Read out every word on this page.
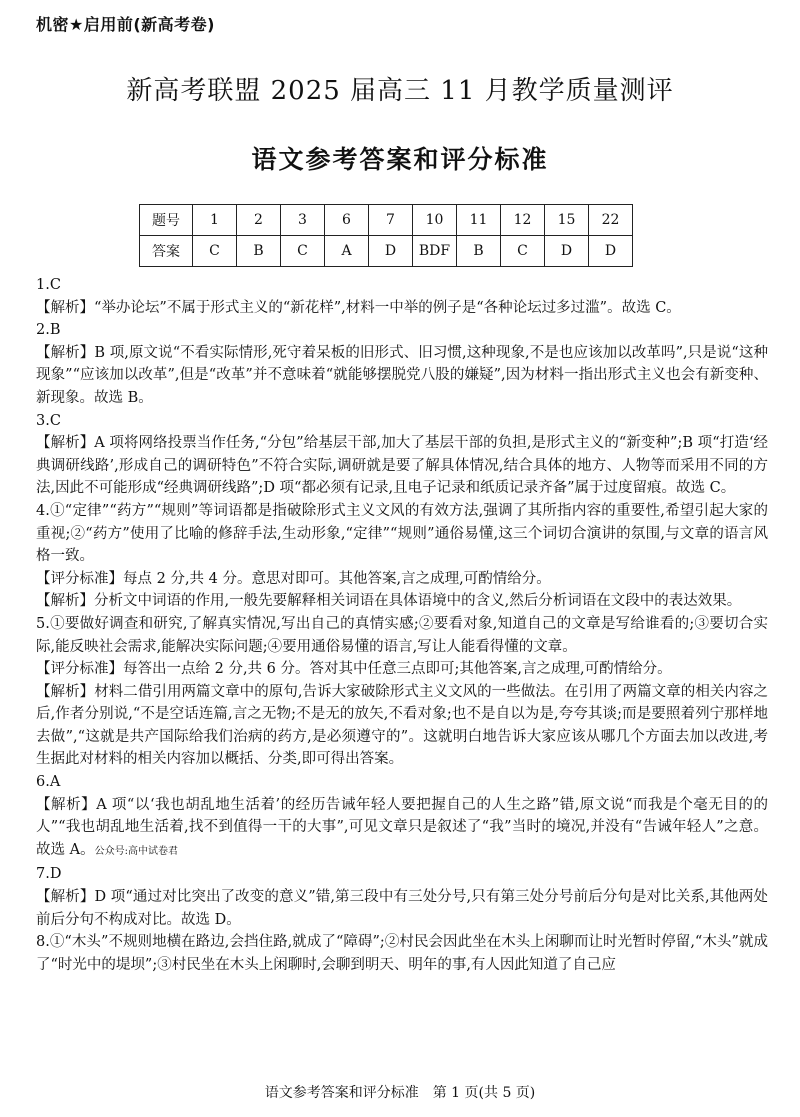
机密★启用前(新高考卷)
新高考联盟 2025 届高三 11 月教学质量测评
语文参考答案和评分标准
题号	1	2	3	6	7	10	11	12	15	22
答案	C	B	C	A	D	BDF	B	C	D	D

1.C

【解析】“举办论坛”不属于形式主义的“新花样”,材料一中举的例子是“各种论坛过多过滥”。故选 C。

2.B

【解析】B 项,原文说“不看实际情形,死守着呆板的旧形式、旧习惯,这种现象,不是也应该加以改革吗”,只是说“这种现象”“应该加以改革”,但是“改革”并不意味着“就能够摆脱党八股的嫌疑”,因为材料一指出形式主义也会有新变种、新现象。故选 B。

3.C

【解析】A 项将网络投票当作任务,“分包”给基层干部,加大了基层干部的负担,是形式主义的“新变种”;B 项“打造‘经典调研线路’,形成自己的调研特色”不符合实际,调研就是要了解具体情况,结合具体的地方、人物等而采用不同的方法,因此不可能形成“经典调研线路”;D 项“都必须有记录,且电子记录和纸质记录齐备”属于过度留痕。故选 C。

4.①“定律”“药方”“规则”等词语都是指破除形式主义文风的有效方法,强调了其所指内容的重要性,希望引起大家的重视;②“药方”使用了比喻的修辞手法,生动形象,“定律”“规则”通俗易懂,这三个词切合演讲的氛围,与文章的语言风格一致。

【评分标准】每点 2 分,共 4 分。意思对即可。其他答案,言之成理,可酌情给分。

【解析】分析文中词语的作用,一般先要解释相关词语在具体语境中的含义,然后分析词语在文段中的表达效果。

5.①要做好调查和研究,了解真实情况,写出自己的真情实感;②要看对象,知道自己的文章是写给谁看的;③要切合实际,能反映社会需求,能解决实际问题;④要用通俗易懂的语言,写让人能看得懂的文章。

【评分标准】每答出一点给 2 分,共 6 分。答对其中任意三点即可;其他答案,言之成理,可酌情给分。

【解析】材料二借引用两篇文章中的原句,告诉大家破除形式主义文风的一些做法。在引用了两篇文章的相关内容之后,作者分别说,“不是空话连篇,言之无物;不是无的放矢,不看对象;也不是自以为是,夸夸其谈;而是要照着列宁那样地去做”,“这就是共产国际给我们治病的药方,是必须遵守的”。这就明白地告诉大家应该从哪几个方面去加以改进,考生据此对材料的相关内容加以概括、分类,即可得出答案。

6.A

【解析】A 项“以‘我也胡乱地生活着’的经历告诫年轻人要把握自己的人生之路”错,原文说“而我是个毫无目的的人”“我也胡乱地生活着,找不到值得一干的大事”,可见文章只是叙述了“我”当时的境况,并没有“告诫年轻人”之意。故选 A。公众号:高中试卷君

7.D

【解析】D 项“通过对比突出了改变的意义”错,第三段中有三处分号,只有第三处分号前后分句是对比关系,其他两处前后分句不构成对比。故选 D。

8.①“木头”不规则地横在路边,会挡住路,就成了“障碍”;②村民会因此坐在木头上闲聊而让时光暂时停留,“木头”就成了“时光中的堤坝”;③村民坐在木头上闲聊时,会聊到明天、明年的事,有人因此知道了自己应

语文参考答案和评分标准　第 1 页(共 5 页)
